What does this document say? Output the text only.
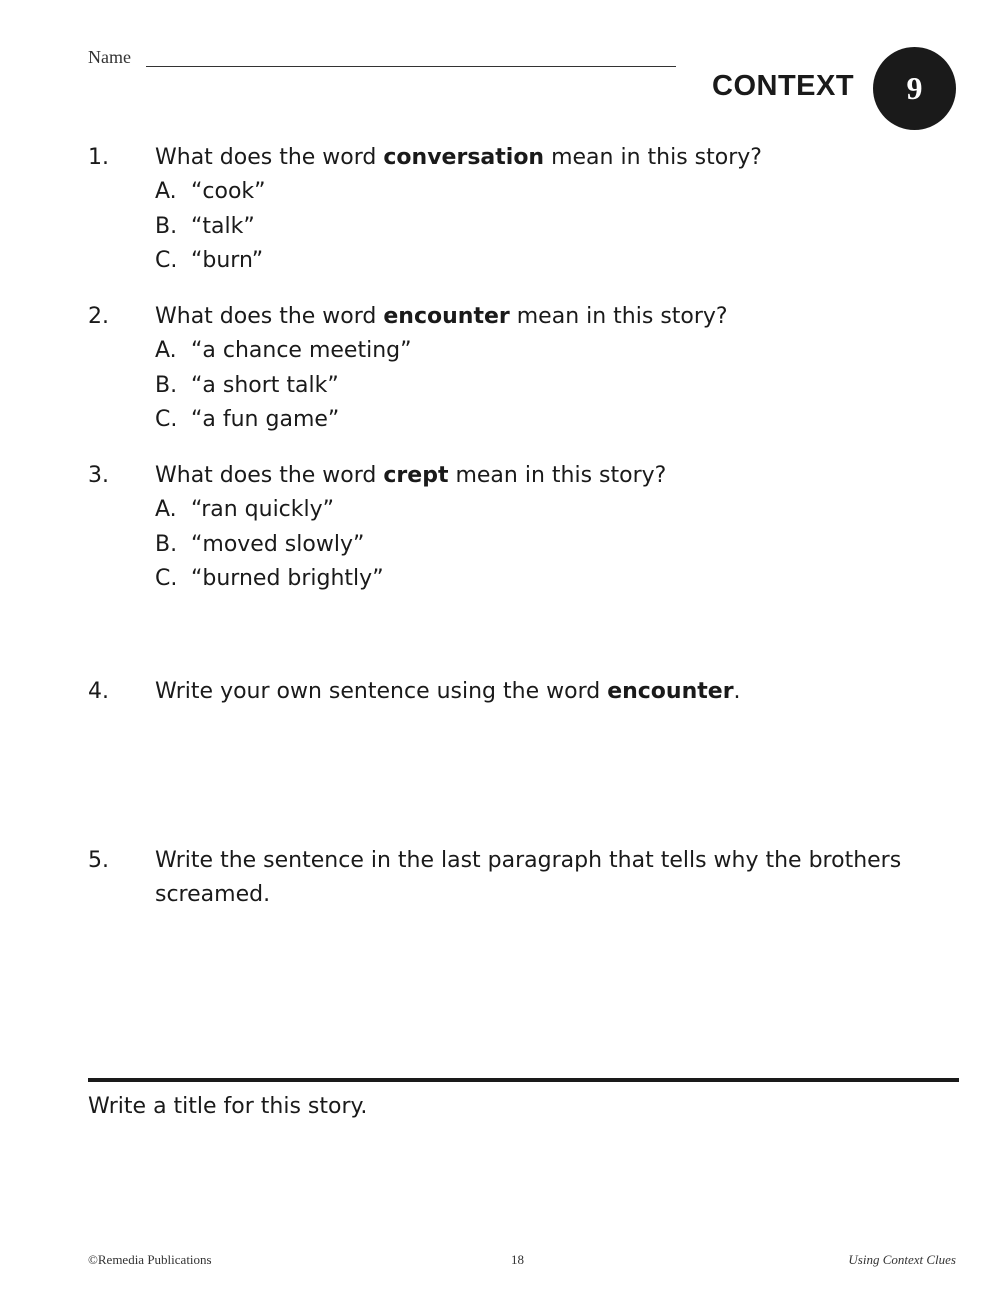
Name
CONTEXT 9
1. What does the word conversation mean in this story?
A. “cook”
B. “talk”
C. “burn”
2. What does the word encounter mean in this story?
A. “a chance meeting”
B. “a short talk”
C. “a fun game”
3. What does the word crept mean in this story?
A. “ran quickly”
B. “moved slowly”
C. “burned brightly”
4. Write your own sentence using the word encounter.
5. Write the sentence in the last paragraph that tells why the brothers screamed.
Write a title for this story.
©Remedia Publications	18	Using Context Clues
